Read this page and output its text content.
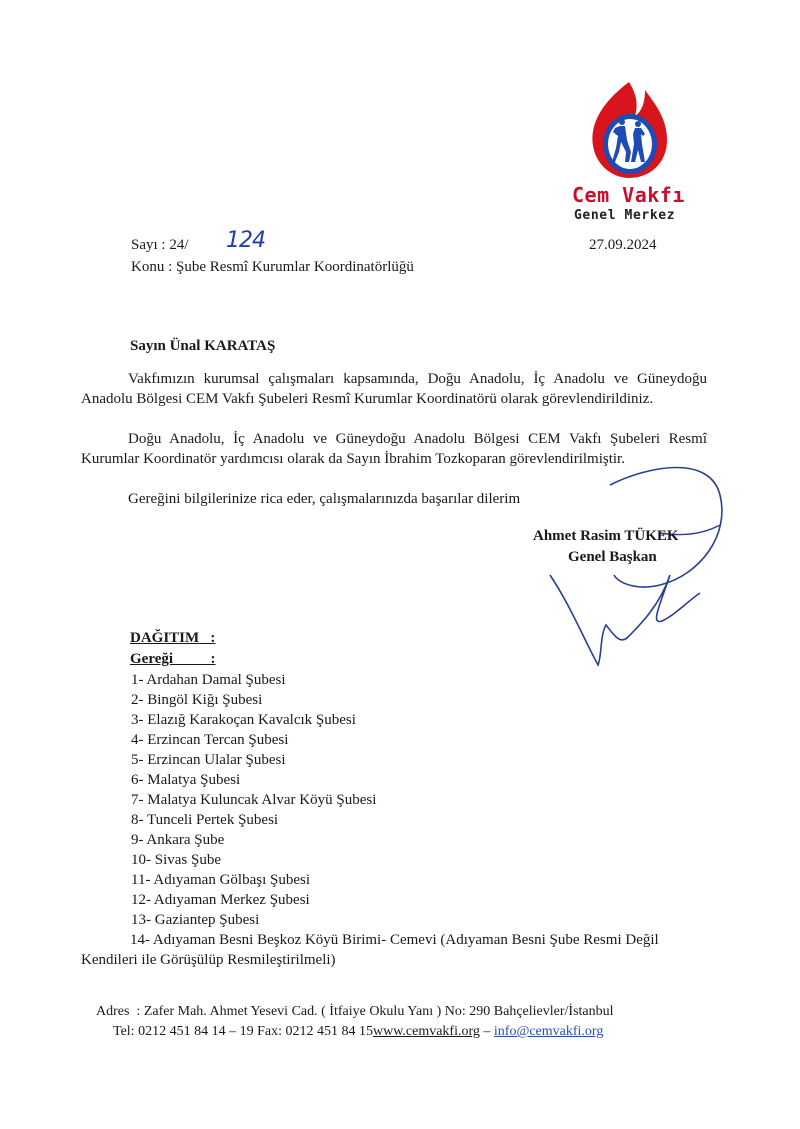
Cem Vakfı
Genel Merkez
Sayı : 24/ 124	27.09.2024
Konu : Şube Resmî Kurumlar Koordinatörlüğü
Sayın Ünal KARATAŞ

Vakfımızın kurumsal çalışmaları kapsamında, Doğu Anadolu, İç Anadolu ve Güneydoğu Anadolu Bölgesi CEM Vakfı Şubeleri Resmî Kurumlar Koordinatörü olarak görevlendirildiniz.

Doğu Anadolu, İç Anadolu ve Güneydoğu Anadolu Bölgesi CEM Vakfı Şubeleri Resmî Kurumlar Koordinatör yardımcısı olarak da Sayın İbrahim Tozkoparan görevlendirilmiştir.

Gereğini bilgilerinize rica eder, çalışmalarınızda başarılar dilerim

Ahmet Rasim TÜKEK
Genel Başkan
DAĞITIM   :
Gereği          :
1- Ardahan Damal Şubesi
2- Bingöl Kiğı Şubesi
3- Elazığ Karakoçan Kavalcık Şubesi
4- Erzincan Tercan Şubesi
5- Erzincan Ulalar Şubesi
6- Malatya Şubesi
7- Malatya Kuluncak Alvar Köyü Şubesi
8- Tunceli Pertek Şubesi
9- Ankara Şube
10- Sivas Şube
11- Adıyaman Gölbaşı Şubesi
12- Adıyaman Merkez Şubesi
13- Gaziantep Şubesi
14- Adıyaman Besni Beşkoz Köyü Birimi- Cemevi (Adıyaman Besni Şube Resmi Değil Kendileri ile Görüşülüp Resmileştirilmeli)
Adres  : Zafer Mah. Ahmet Yesevi Cad. ( İtfaiye Okulu Yanı ) No: 290 Bahçelievler/İstanbul
Tel: 0212 451 84 14 – 19 Fax: 0212 451 84 15www.cemvakfi.org – info@cemvakfi.org
